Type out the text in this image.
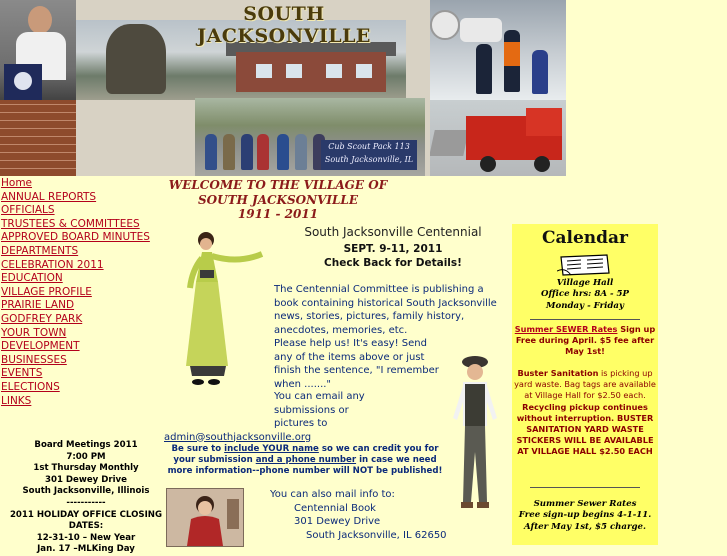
Cub Scout Pack 113
South Jacksonville, IL
SOUTH JACKSONVILLE
Home
ANNUAL REPORTS
OFFICIALS
TRUSTEES & COMMITTEES
APPROVED BOARD MINUTES
DEPARTMENTS
CELEBRATION 2011
EDUCATION
VILLAGE PROFILE
PRAIRIE LAND
GODFREY PARK
YOUR TOWN
DEVELOPMENT
BUSINESSES
EVENTS
ELECTIONS
LINKS
Board Meetings 2011
7:00 PM
1st Thursday Monthly
301 Dewey Drive
South Jacksonville, Illinois
-----------
2011 HOLIDAY OFFICE CLOSING
DATES:
12-31-10 – New Year
Jan. 17 –MLKing Day
WELCOME TO THE VILLAGE OF
SOUTH JACKSONVILLE
1911 - 2011
South Jacksonville Centennial
SEPT. 9-11, 2011
Check Back for Details!
The Centennial Committee is publishing a book containing historical South Jacksonville news, stories, pictures, family history, anecdotes, memories, etc.
Please help us! It's easy! Send any of the items above or just finish the sentence, "I remember when ......."
You can email any submissions or pictures to
admin@southjacksonville.org
Be sure to include YOUR name so we can credit you for your submission and a phone number in case we need more information--phone number will NOT be published!
You can also mail info to:
Centennial Book
301 Dewey Drive
South Jacksonville, IL 62650
Calendar
Village Hall
Office hrs: 8A - 5P
Monday - Friday
Summer SEWER Rates Sign up Free during April. $5 fee after May 1st!
Buster Sanitation is picking up yard waste. Bag tags are available at Village Hall for $2.50 each. Recycling pickup continues without interruption. BUSTER SANITATION YARD WASTE STICKERS WILL BE AVAILABLE AT VILLAGE HALL $2.50 EACH
Summer Sewer Rates
Free sign-up begins 4-1-11.
After May 1st, $5 charge.
